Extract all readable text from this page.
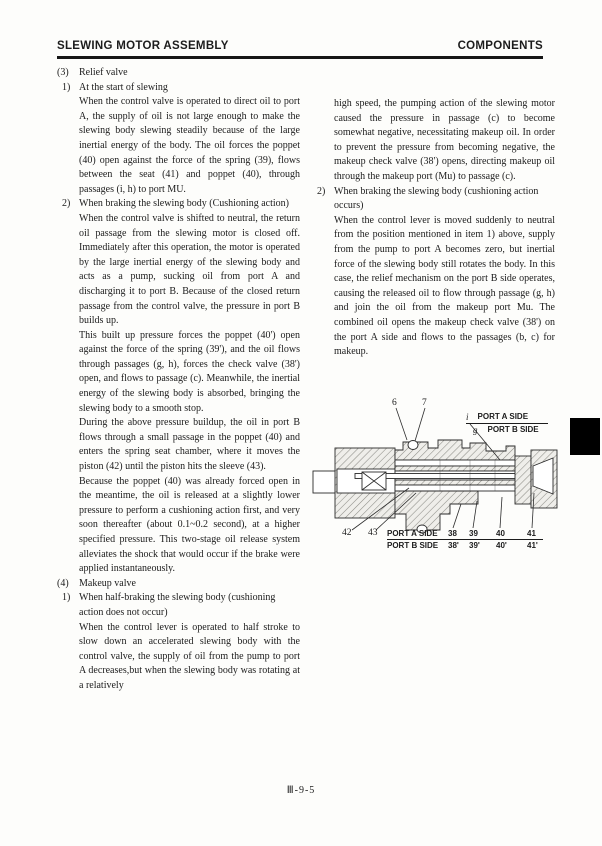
SLEWING MOTOR ASSEMBLY	COMPONENTS
(3) Relief valve
1) At the start of slewing
When the control valve is operated to direct oil to port A, the supply of oil is not large enough to make the slewing body slewing steadily because of the large inertial energy of the body. The oil forces the poppet (40) open against the force of the spring (39), flows between the seat (41) and poppet (40), through passages (i, h) to port MU.
2) When braking the slewing body (Cushioning action)
When the control valve is shifted to neutral, the return oil passage from the slewing motor is closed off. Immediately after this operation, the motor is operated by the large inertial energy of the slewing body and acts as a pump, sucking oil from port A and discharging it to port B. Because of the closed return passage from the control valve, the pressure in port B builds up.
This built up pressure forces the poppet (40') open against the force of the spring (39'), and the oil flows through passages (g, h), forces the check valve (38') open, and flows to passage (c). Meanwhile, the inertial energy of the slewing body is absorbed, bringing the slewing body to a smooth stop.
During the above pressure buildup, the oil in port B flows through a small passage in the poppet (40) and enters the spring seat chamber, where it moves the piston (42) until the piston hits the sleeve (43).
Because the poppet (40) was already forced open in the meantime, the oil is released at a slightly lower pressure to perform a cushioning action first, and very soon thereafter (about 0.1~0.2 second), at a higher specified pressure. This two-stage oil release system alleviates the shock that would occur if the brake were applied instantaneously.
(4) Makeup valve
1) When half-braking the slewing body (cushioning action does not occur)
When the control lever is operated to half stroke to slow down an accelerated slewing body with the control valve, the supply of oil from the pump to port A decreases,but when the slewing body was rotating at a relatively
high speed, the pumping action of the slewing motor caused the pressure in passage (c) to become somewhat negative, necessitating makeup oil. In order to prevent the pressure from becoming negative, the makeup check valve (38') opens, directing makeup oil through the makeup port (Mu) to passage (c).
2) When braking the slewing body (cushioning action occurs)
When the control lever is moved suddenly to neutral from the position mentioned in item 1) above, supply from the pump to port A becomes zero, but inertial force of the slewing body still rotates the body. In this case, the relief mechanism on the port B side operates, causing the released oil to flow through passage (g, h) and join the oil from the makeup port Mu. The combined oil opens the makeup check valve (38') on the port A side and flows to the passages (b, c) for makeup.
6	7
i PORT A SIDE
g PORT B SIDE
42 43 PORT A SIDE 38 39 40	41
PORT B SIDE 38' 39' 40'	41'
Ⅲ-9-5
